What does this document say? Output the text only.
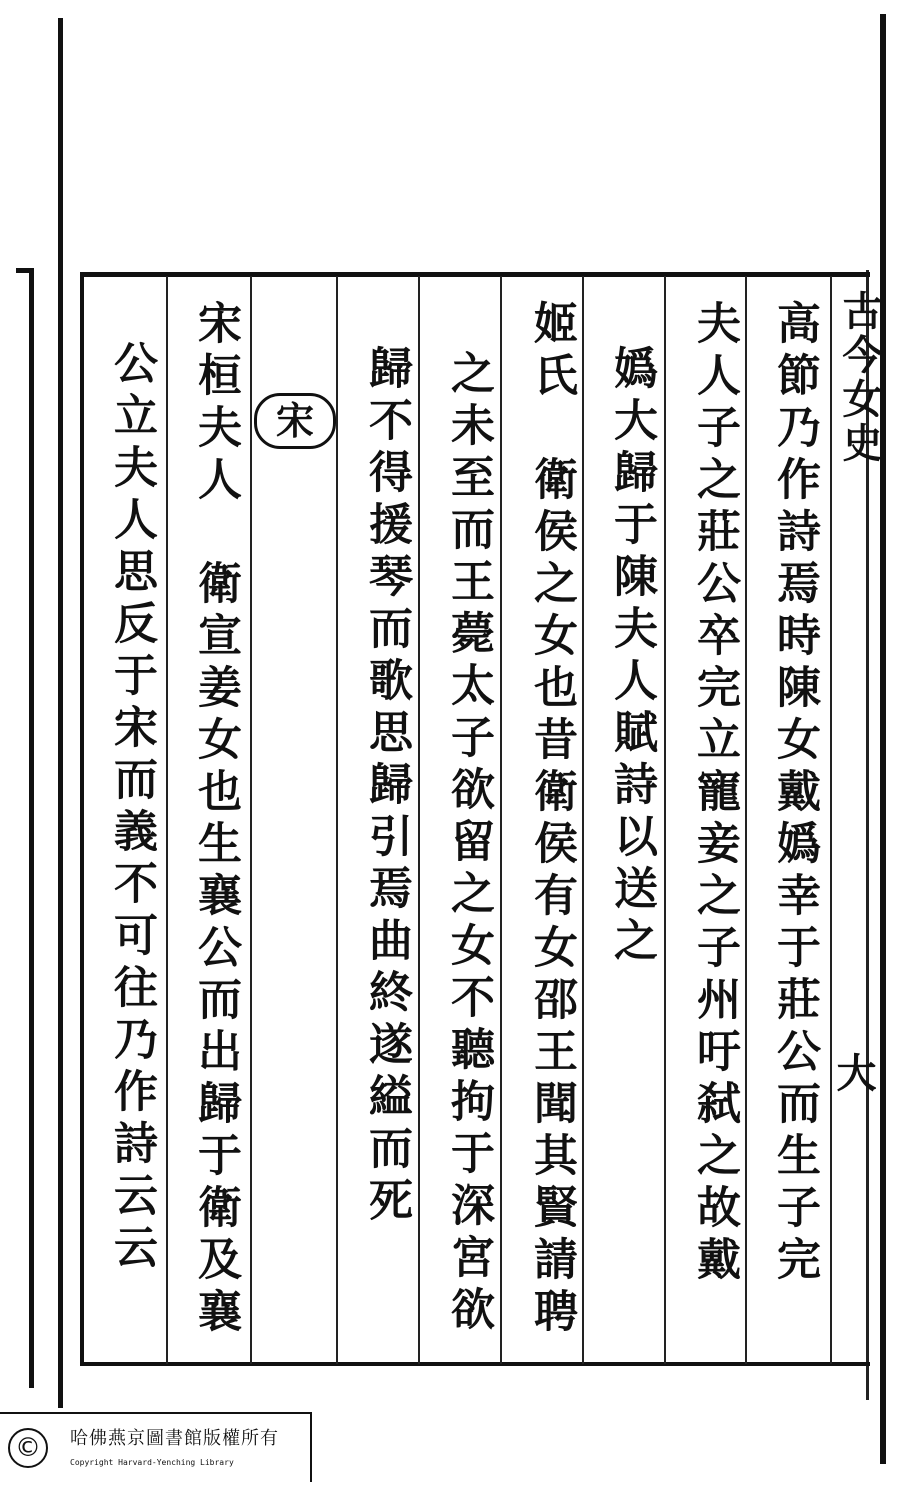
古今女史
大
高節乃作詩焉時陳女戴嬀幸于莊公而生子完
夫人子之莊公卒完立寵妾之子州吁弑之故戴
嬀大歸于陳夫人賦詩以送之
姬氏　衛侯之女也昔衛侯有女邵王聞其賢請聘
之未至而王薨太子欲留之女不聽拘于深宮欲
歸不得援琴而歌思歸引焉曲終遂縊而死
宋
宋桓夫人　衛宣姜女也生襄公而出歸于衛及襄
公立夫人思反于宋而義不可往乃作詩云云
©	哈佛燕京圖書館版權所有
Copyright Harvard-Yenching Library
